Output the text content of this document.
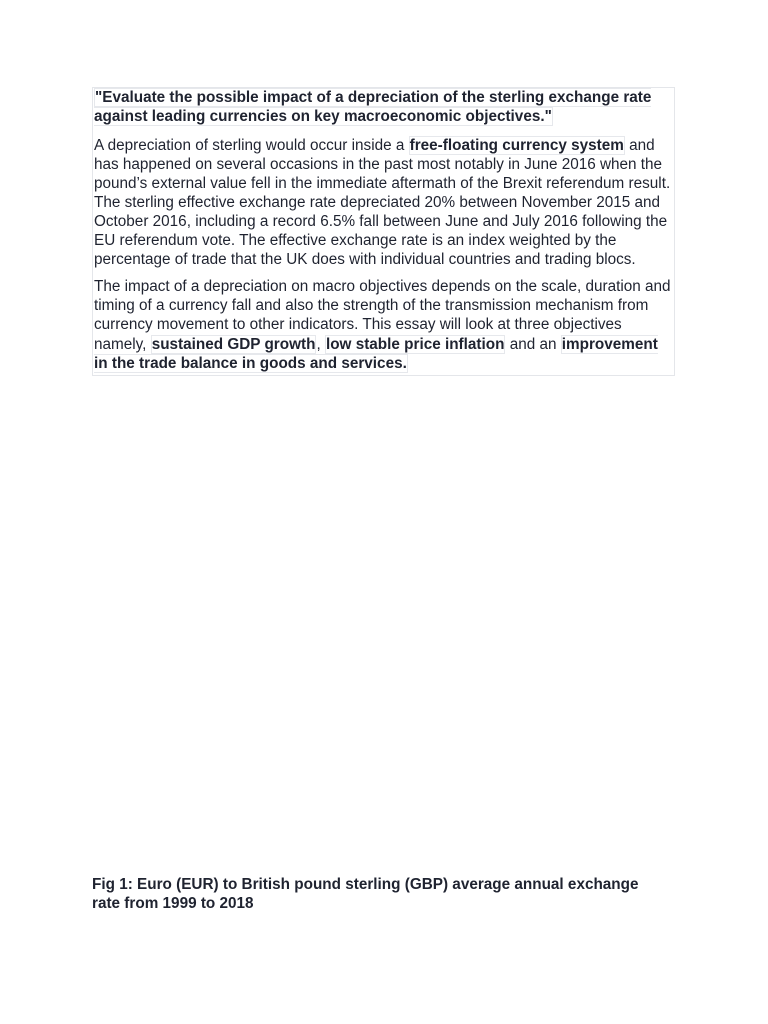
"Evaluate the possible impact of a depreciation of the sterling exchange rate against leading currencies on key macroeconomic objectives."

A depreciation of sterling would occur inside a free-floating currency system and has happened on several occasions in the past most notably in June 2016 when the pound’s external value fell in the immediate aftermath of the Brexit referendum result. The sterling effective exchange rate depreciated 20% between November 2015 and October 2016, including a record 6.5% fall between June and July 2016 following the EU referendum vote. The effective exchange rate is an index weighted by the percentage of trade that the UK does with individual countries and trading blocs.

The impact of a depreciation on macro objectives depends on the scale, duration and timing of a currency fall and also the strength of the transmission mechanism from currency movement to other indicators. This essay will look at three objectives namely, sustained GDP growth, low stable price inflation and an improvement in the trade balance in goods and services.

Fig 1: Euro (EUR) to British pound sterling (GBP) average annual exchange rate from 1999 to 2018
